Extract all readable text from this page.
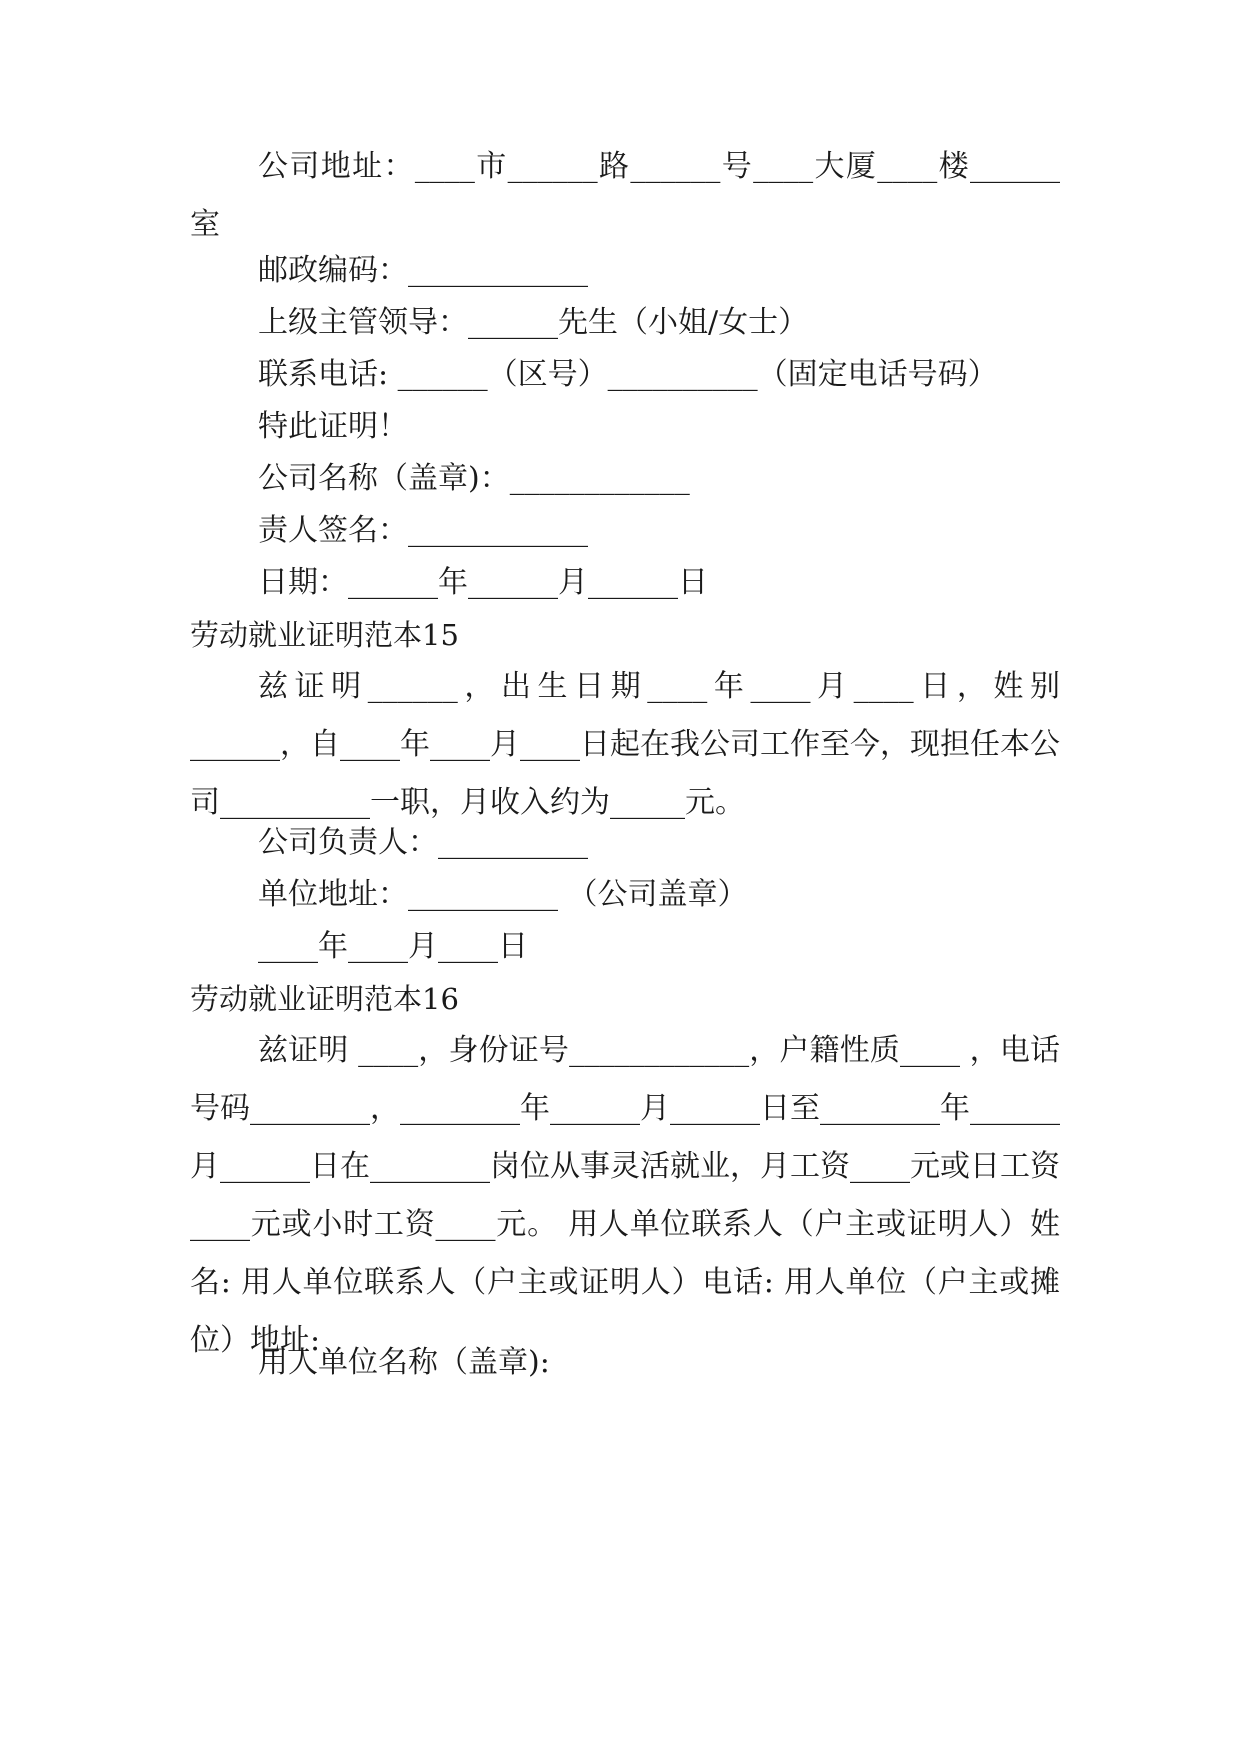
公司地址：____市______路______号____大厦____楼______室

邮政编码：____________

上级主管领导：______先生（小姐/女士）

联系电话: ______（区号）__________（固定电话号码）

特此证明！

公司名称（盖章)：____________

责人签名：____________

日期：______年______月______日

劳动就业证明范本15

兹证明______，出生日期____年____月____日，姓别______，自____年____月____日起在我公司工作至今，现担任本公司__________一职，月收入约为_____元。

公司负责人：__________

单位地址：__________ （公司盖章）

____年____月____日

劳动就业证明范本16

兹证明 ____，身份证号____________，户籍性质____ ，电话号码________，________年______月______日至________年______月______日在________岗位从事灵活就业，月工资____元或日工资____元或小时工资____元。 用人单位联系人（户主或证明人）姓名: 用人单位联系人（户主或证明人）电话: 用人单位（户主或摊位）地址:

用人单位名称（盖章):
